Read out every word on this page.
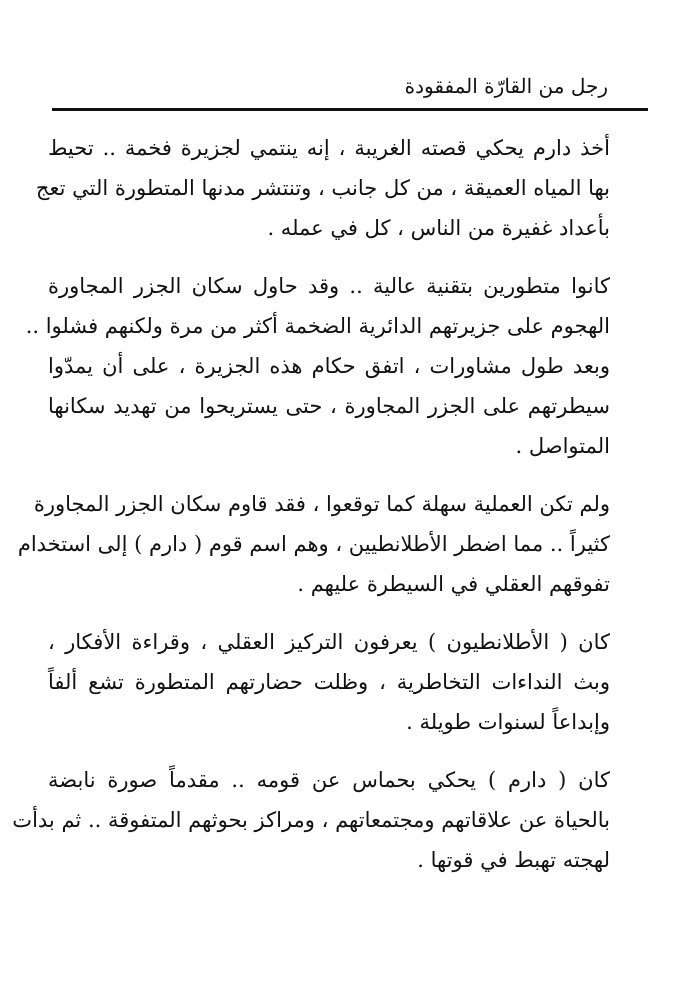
رجل من القارّة المفقودة
أخذ دارم يحكي قصته الغريبة ، إنه ينتمي لجزيرة فخمة .. تحيط
بها المياه العميقة ، من كل جانب ، وتنتشر مدنها المتطورة التي تعج
بأعداد غفيرة من الناس ، كل في عمله .
كانوا متطورين بتقنية عالية .. وقد حاول سكان الجزر المجاورة
الهجوم على جزيرتهم الدائرية الضخمة أكثر من مرة ولكنهم فشلوا ..
وبعد طول مشاورات ، اتفق حكام هذه الجزيرة ، على أن يمدّوا
سيطرتهم على الجزر المجاورة ، حتى يستريحوا من تهديد سكانها
المتواصل .
ولم تكن العملية سهلة كما توقعوا ، فقد قاوم سكان الجزر المجاورة
كثيراً .. مما اضطر الأطلانطيين ، وهم اسم قوم ( دارم ) إلى استخدام
تفوقهم العقلي في السيطرة عليهم .
كان ( الأطلانطيون ) يعرفون التركيز العقلي ، وقراءة الأفكار ،
وبث النداءات التخاطرية ، وظلت حضارتهم المتطورة تشع ألفاً
وإبداعاً لسنوات طويلة .
كان ( دارم ) يحكي بحماس عن قومه .. مقدماً صورة نابضة
بالحياة عن علاقاتهم ومجتمعاتهم ، ومراكز بحوثهم المتفوقة .. ثم بدأت
لهجته تهبط في قوتها .
